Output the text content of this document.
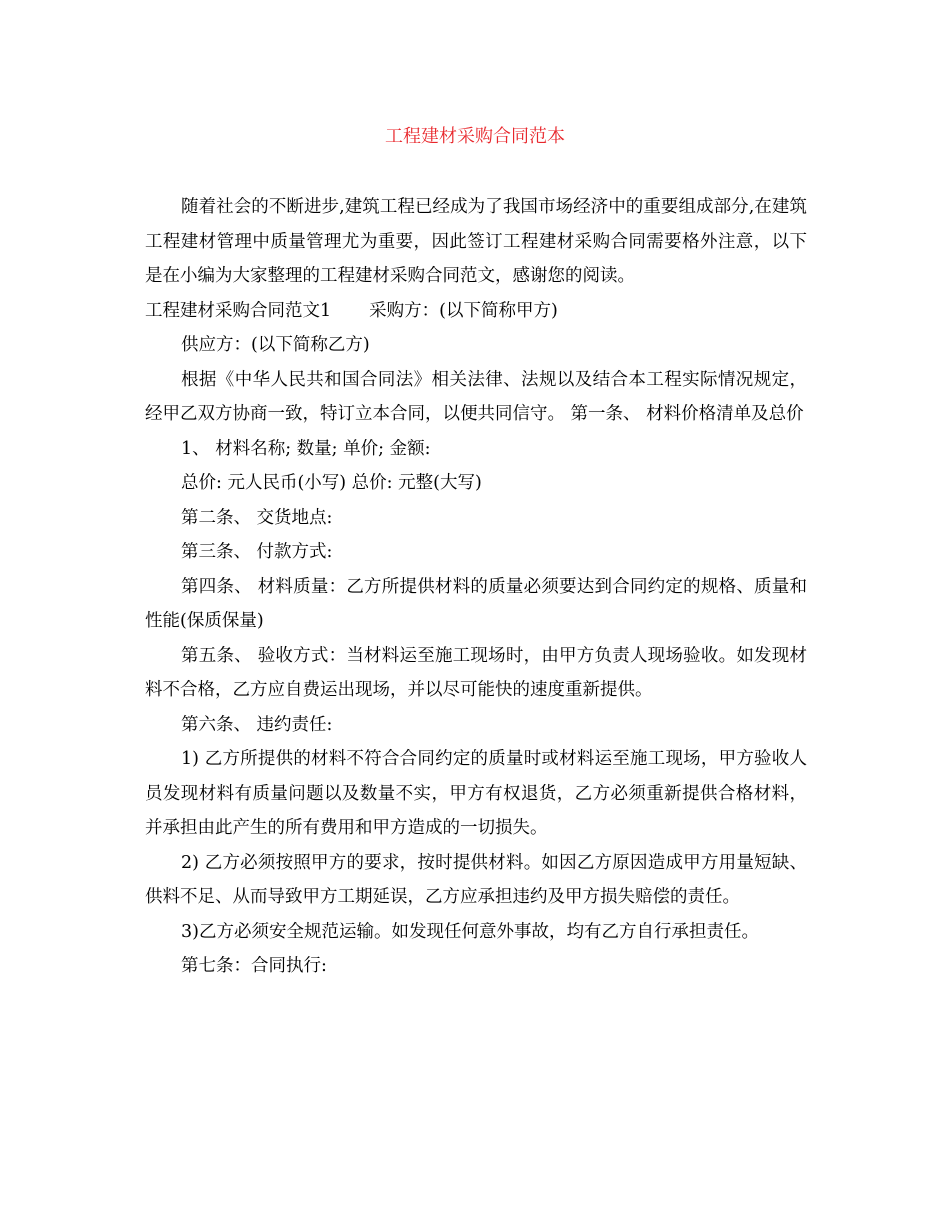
工程建材采购合同范本

随着社会的不断进步,建筑工程已经成为了我国市场经济中的重要组成部分,在建筑工程建材管理中质量管理尤为重要，因此签订工程建材采购合同需要格外注意，以下是在小编为大家整理的工程建材采购合同范文，感谢您的阅读。

工程建材采购合同范文1 采购方：(以下简称甲方)

供应方：(以下简称乙方)

根据《中华人民共和国合同法》相关法律、法规以及结合本工程实际情况规定，经甲乙双方协商一致，特订立本合同，以便共同信守。 第一条、 材料价格清单及总价

1、 材料名称; 数量; 单价; 金额:

总价: 元人民币(小写) 总价: 元整(大写)

第二条、 交货地点:

第三条、 付款方式:

第四条、 材料质量：乙方所提供材料的质量必须要达到合同约定的规格、质量和性能(保质保量)

第五条、 验收方式：当材料运至施工现场时，由甲方负责人现场验收。如发现材料不合格，乙方应自费运出现场，并以尽可能快的速度重新提供。

第六条、 违约责任:

1) 乙方所提供的材料不符合合同约定的质量时或材料运至施工现场，甲方验收人员发现材料有质量问题以及数量不实，甲方有权退货，乙方必须重新提供合格材料，并承担由此产生的所有费用和甲方造成的一切损失。

2) 乙方必须按照甲方的要求，按时提供材料。如因乙方原因造成甲方用量短缺、供料不足、从而导致甲方工期延误，乙方应承担违约及甲方损失赔偿的责任。

3)乙方必须安全规范运输。如发现任何意外事故，均有乙方自行承担责任。

第七条：合同执行:
